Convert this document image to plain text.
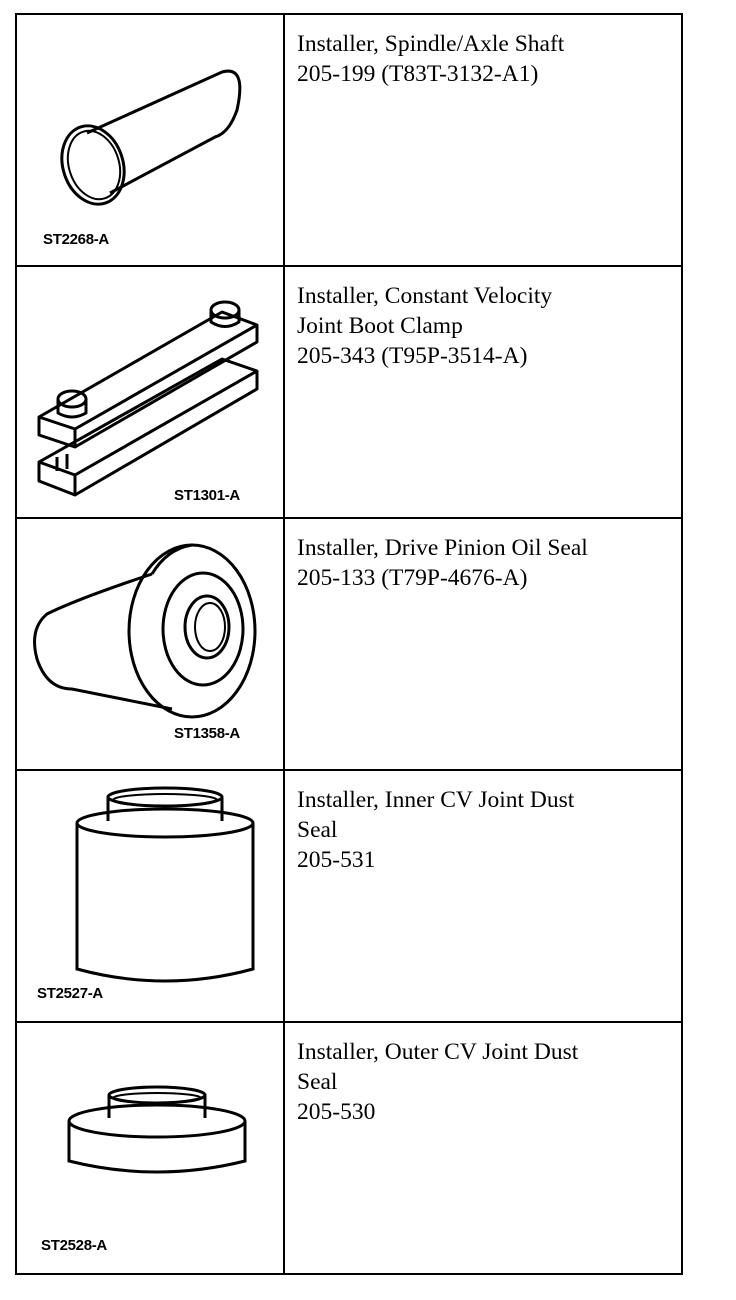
ST2268-A
Installer, Spindle/Axle Shaft
205-199 (T83T-3132-A1)
ST1301-A
Installer, Constant Velocity
Joint Boot Clamp
205-343 (T95P-3514-A)
ST1358-A
Installer, Drive Pinion Oil Seal
205-133 (T79P-4676-A)
ST2527-A
Installer, Inner CV Joint Dust
Seal
205-531
ST2528-A
Installer, Outer CV Joint Dust
Seal
205-530
